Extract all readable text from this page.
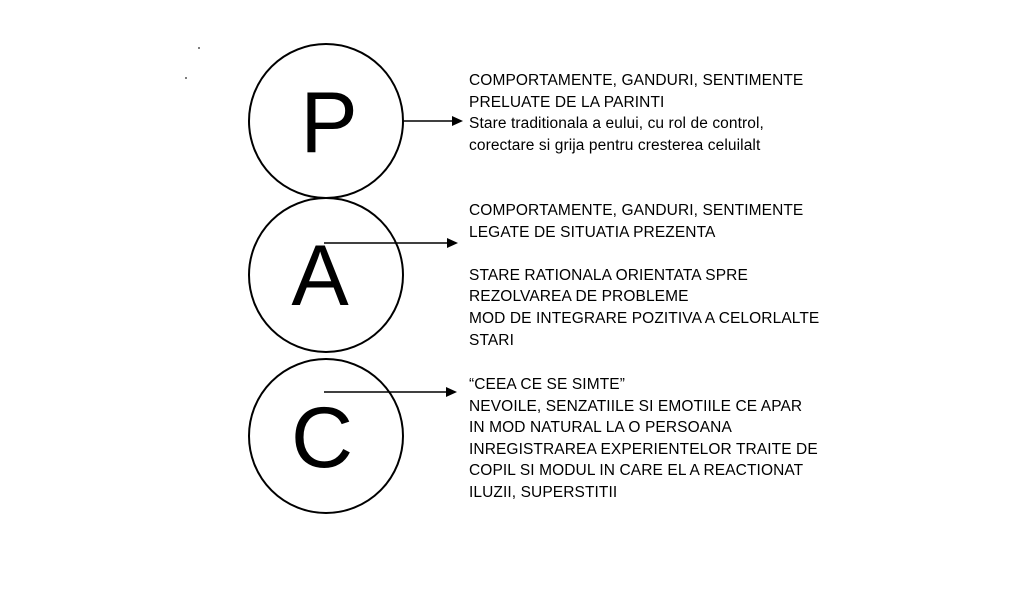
P
A
C
COMPORTAMENTE, GANDURI, SENTIMENTE
PRELUATE DE LA PARINTI
Stare traditionala a eului, cu rol de control,
corectare si grija pentru cresterea celuilalt
COMPORTAMENTE, GANDURI, SENTIMENTE
LEGATE DE SITUATIA PREZENTA
STARE RATIONALA ORIENTATA SPRE
REZOLVAREA DE PROBLEME
MOD DE INTEGRARE POZITIVA A CELORLALTE
STARI
“CEEA CE SE SIMTE”
NEVOILE, SENZATIILE SI EMOTIILE CE APAR
IN MOD NATURAL LA O PERSOANA
INREGISTRAREA EXPERIENTELOR TRAITE DE
COPIL SI MODUL IN CARE EL A REACTIONAT
ILUZII, SUPERSTITII
